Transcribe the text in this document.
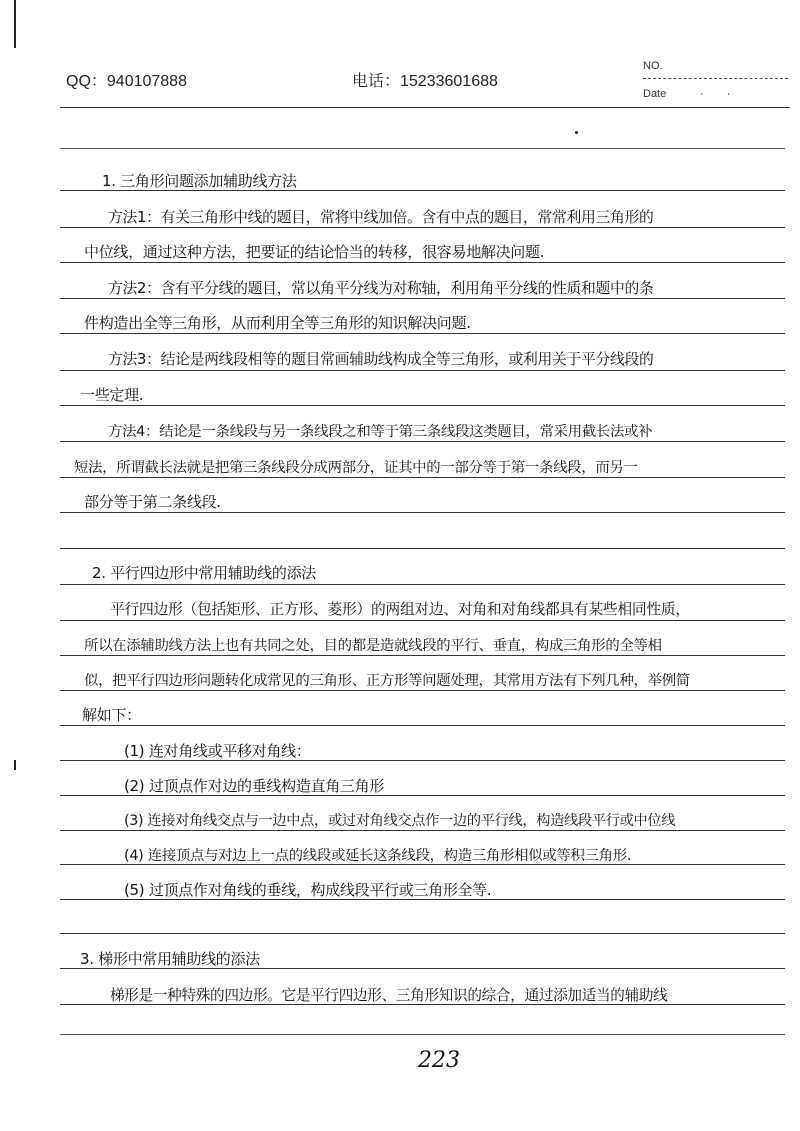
QQ：940107888	电话：15233601688
NO.
Date	· ·
1. 三角形问题添加辅助线方法
方法1：有关三角形中线的题目，常将中线加倍。含有中点的题目，常常利用三角形的
中位线，通过这种方法，把要证的结论恰当的转移，很容易地解决问题.
方法2：含有平分线的题目，常以角平分线为对称轴，利用角平分线的性质和题中的条
件构造出全等三角形，从而利用全等三角形的知识解决问题.
方法3：结论是两线段相等的题目常画辅助线构成全等三角形，或利用关于平分线段的
一些定理.
方法4：结论是一条线段与另一条线段之和等于第三条线段这类题目，常采用截长法或补
短法，所谓截长法就是把第三条线段分成两部分，证其中的一部分等于第一条线段，而另一
部分等于第二条线段.
2. 平行四边形中常用辅助线的添法
平行四边形（包括矩形、正方形、菱形）的两组对边、对角和对角线都具有某些相同性质，
所以在添辅助线方法上也有共同之处，目的都是造就线段的平行、垂直，构成三角形的全等相
似，把平行四边形问题转化成常见的三角形、正方形等问题处理，其常用方法有下列几种，举例简
解如下：
(1) 连对角线或平移对角线：
(2) 过顶点作对边的垂线构造直角三角形
(3) 连接对角线交点与一边中点，或过对角线交点作一边的平行线，构造线段平行或中位线
(4) 连接顶点与对边上一点的线段或延长这条线段，构造三角形相似或等积三角形.
(5) 过顶点作对角线的垂线，构成线段平行或三角形全等.
3. 梯形中常用辅助线的添法
梯形是一种特殊的四边形。它是平行四边形、三角形知识的综合，通过添加适当的辅助线
223
